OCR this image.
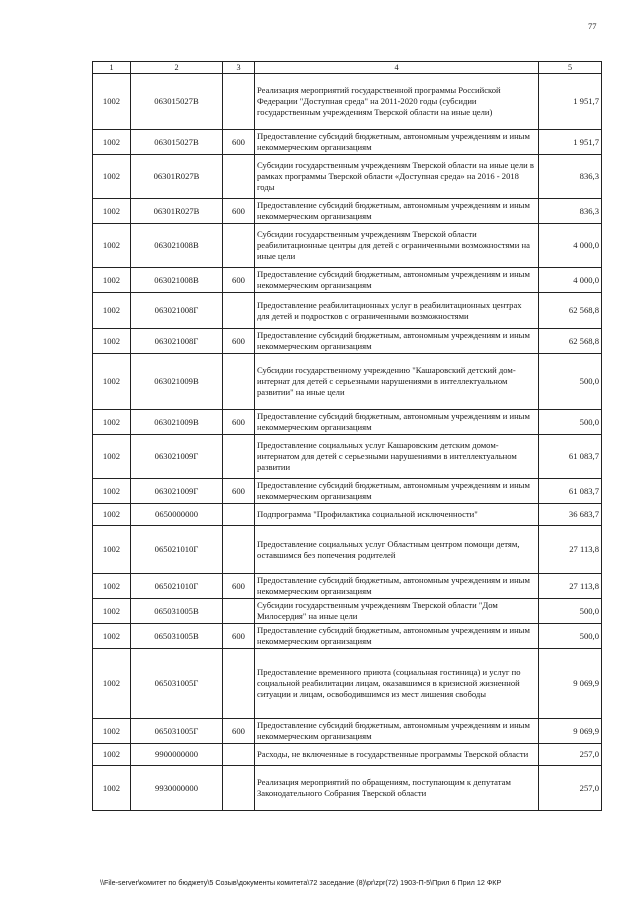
77
1	2	3	4	5
1002	063015027В		Реализация мероприятий государственной программы Российской Федерации "Доступная среда" на 2011-2020 годы (субсидии государственным учреждениям Тверской области на иные цели)	1 951,7
1002	063015027В	600	Предоставление субсидий бюджетным, автономным учреждениям и иным некоммерческим организациям	1 951,7
1002	06301R027В		Субсидии государственным учреждениям Тверской области на иные цели в рамках программы Тверской области «Доступная среда» на 2016 - 2018 годы	836,3
1002	06301R027В	600	Предоставление субсидий бюджетным, автономным учреждениям и иным некоммерческим организациям	836,3
1002	063021008В		Субсидии государственным учреждениям Тверской области реабилитационные центры для детей с ограниченными возможностями на иные цели	4 000,0
1002	063021008В	600	Предоставление субсидий бюджетным, автономным учреждениям и иным некоммерческим организациям	4 000,0
1002	063021008Г		Предоставление реабилитационных услуг в реабилитационных центрах для детей и подростков с ограниченными возможностями	62 568,8
1002	063021008Г	600	Предоставление субсидий бюджетным, автономным учреждениям и иным некоммерческим организациям	62 568,8
1002	063021009В		Субсидии государственному учреждению "Кашаровский детский дом-интернат для детей с серьезными нарушениями в интеллектуальном развитии" на иные цели	500,0
1002	063021009В	600	Предоставление субсидий бюджетным, автономным учреждениям и иным некоммерческим организациям	500,0
1002	063021009Г		Предоставление социальных услуг Кашаровским детским домом-интернатом для детей с серьезными нарушениями в интеллектуальном развитии	61 083,7
1002	063021009Г	600	Предоставление субсидий бюджетным, автономным учреждениям и иным некоммерческим организациям	61 083,7
1002	0650000000		Подпрограмма "Профилактика социальной исключенности"	36 683,7
1002	065021010Г		Предоставление социальных услуг Областным центром помощи детям, оставшимся без попечения родителей	27 113,8
1002	065021010Г	600	Предоставление субсидий бюджетным, автономным учреждениям и иным некоммерческим организациям	27 113,8
1002	065031005В		Субсидии государственным учреждениям Тверской области "Дом Милосердия" на иные цели	500,0
1002	065031005В	600	Предоставление субсидий бюджетным, автономным учреждениям и иным некоммерческим организациям	500,0
1002	065031005Г		Предоставление временного приюта (социальная гостиница) и услуг по социальной реабилитации лицам, оказавшимся в кризисной жизненной ситуации и лицам, освободившимся из мест лишения свободы	9 069,9
1002	065031005Г	600	Предоставление субсидий бюджетным, автономным учреждениям и иным некоммерческим организациям	9 069,9
1002	9900000000		Расходы, не включенные в государственные программы Тверской области	257,0
1002	9930000000		Реализация мероприятий по обращениям, поступающим к депутатам Законодательного Собрания Тверской области	257,0
\\File-server\комитет по бюджету\5 Созыв\документы комитета\72 заседание (8)\pr\zpr(72) 1903-П-5\Прил 6 Прил 12 ФКР
